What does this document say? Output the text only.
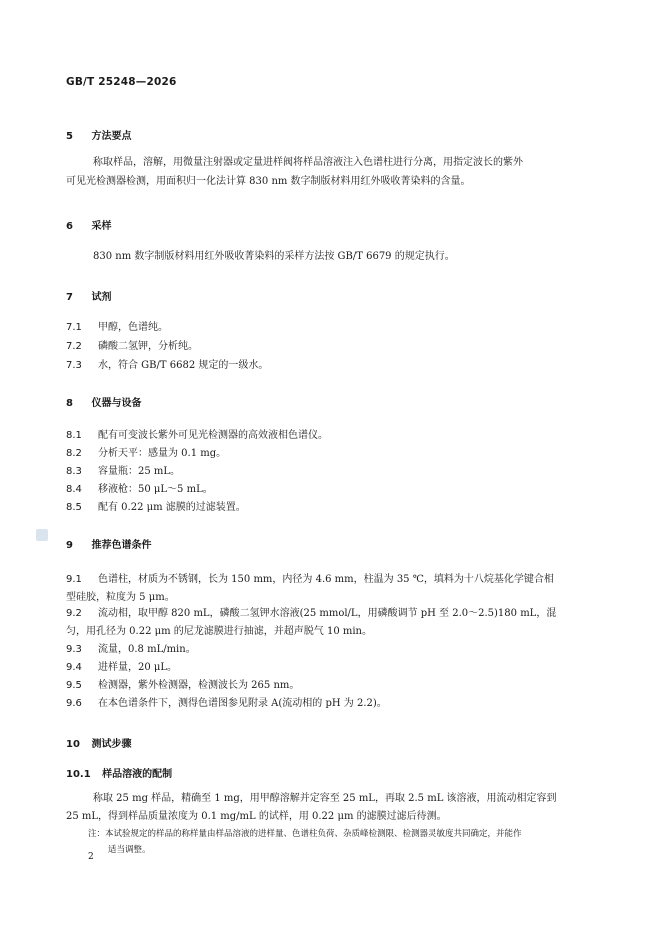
GB/T 25248—2026
5 方法要点
称取样品，溶解，用微量注射器或定量进样阀将样品溶液注入色谱柱进行分离，用指定波长的紫外
可见光检测器检测，用面积归一化法计算 830 nm 数字制版材料用红外吸收菁染料的含量。
6 采样
830 nm 数字制版材料用红外吸收菁染料的采样方法按 GB/T 6679 的规定执行。
7 试剂
7.1 甲醇，色谱纯。
7.2 磷酸二氢钾，分析纯。
7.3 水，符合 GB/T 6682 规定的一级水。
8 仪器与设备
8.1 配有可变波长紫外可见光检测器的高效液相色谱仪。
8.2 分析天平：感量为 0.1 mg。
8.3 容量瓶：25 mL。
8.4 移液枪：50 μL～5 mL。
8.5 配有 0.22 μm 滤膜的过滤装置。
9 推荐色谱条件
9.1 色谱柱，材质为不锈钢，长为 150 mm，内径为 4.6 mm，柱温为 35 ℃，填料为十八烷基化学键合相
型硅胶，粒度为 5 μm。
9.2 流动相，取甲醇 820 mL，磷酸二氢钾水溶液(25 mmol/L，用磷酸调节 pH 至 2.0～2.5)180 mL，混
匀，用孔径为 0.22 μm 的尼龙滤膜进行抽滤，并超声脱气 10 min。
9.3 流量，0.8 mL/min。
9.4 进样量，20 μL。
9.5 检测器，紫外检测器，检测波长为 265 nm。
9.6 在本色谱条件下，测得色谱图参见附录 A(流动相的 pH 为 2.2)。
10 测试步骤
10.1 样品溶液的配制
称取 25 mg 样品，精确至 1 mg，用甲醇溶解并定容至 25 mL，再取 2.5 mL 该溶液，用流动相定容到
25 mL，得到样品质量浓度为 0.1 mg/mL 的试样，用 0.22 μm 的滤膜过滤后待测。
注：本试验规定的样品的称样量由样品溶液的进样量、色谱柱负荷、杂质峰检测限、检测器灵敏度共同确定，并能作
适当调整。
2
